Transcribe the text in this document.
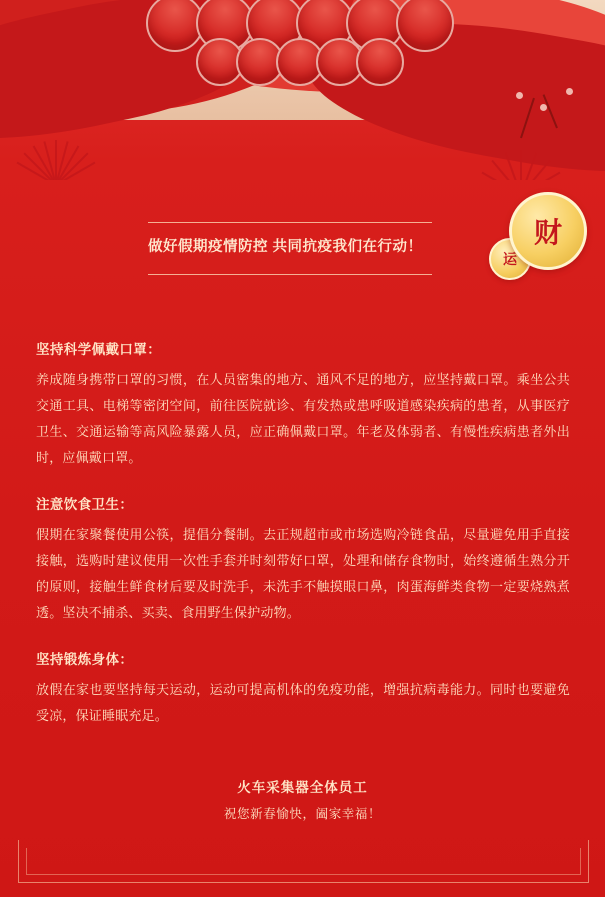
运
财
做好假期疫情防控 共同抗疫我们在行动！
坚持科学佩戴口罩：
养成随身携带口罩的习惯，在人员密集的地方、通风不足的地方，应坚持戴口罩。乘坐公共交通工具、电梯等密闭空间，前往医院就诊、有发热或患呼吸道感染疾病的患者，从事医疗卫生、交通运输等高风险暴露人员，应正确佩戴口罩。年老及体弱者、有慢性疾病患者外出时，应佩戴口罩。
注意饮食卫生：
假期在家聚餐使用公筷，提倡分餐制。去正规超市或市场选购冷链食品，尽量避免用手直接接触，选购时建议使用一次性手套并时刻带好口罩，处理和储存食物时，始终遵循生熟分开的原则，接触生鲜食材后要及时洗手，未洗手不触摸眼口鼻，肉蛋海鲜类食物一定要烧熟煮透。坚决不捕杀、买卖、食用野生保护动物。
坚持锻炼身体：
放假在家也要坚持每天运动，运动可提高机体的免疫功能，增强抗病毒能力。同时也要避免受凉，保证睡眠充足。
火车采集器全体员工
祝您新春愉快，阖家幸福！
